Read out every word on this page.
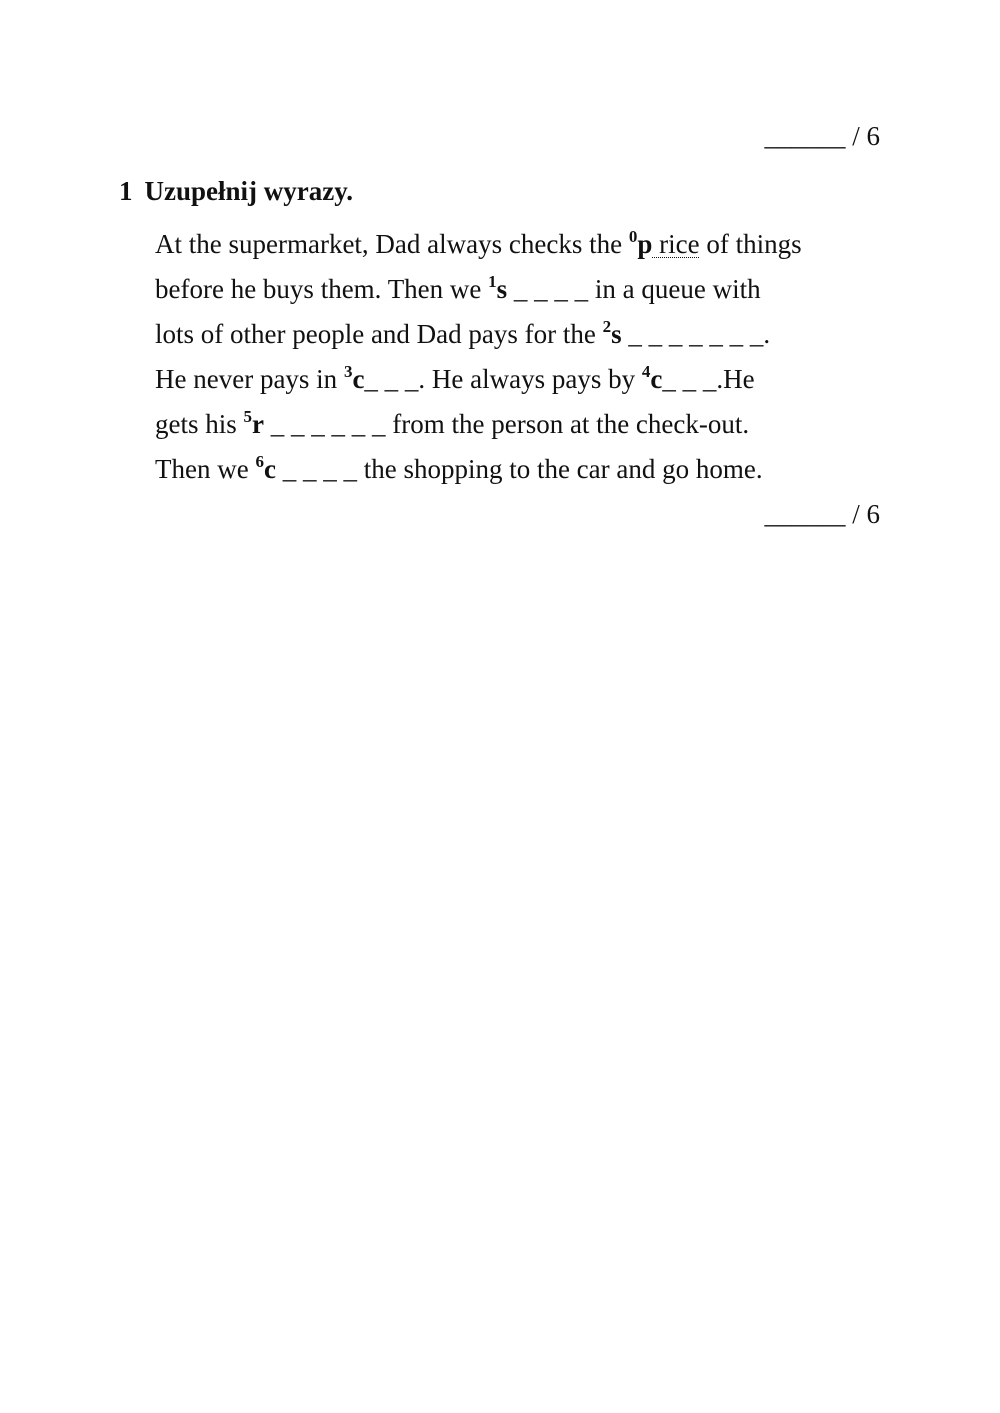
______ / 6
1 Uzupełnij wyrazy.
At the supermarket, Dad always checks the $^0$p rice of things
before he buys them. Then we $^1$s _ _ _ _ in a queue with
lots of other people and Dad pays for the $^2$s _ _ _ _ _ _ _.
He never pays in $^3$c_ _ _. He always pays by $^4$c_ _ _.He
gets his $^5$r _ _ _ _ _ _ from the person at the check-out.
Then we $^6$c _ _ _ _ the shopping to the car and go home.
______ / 6
